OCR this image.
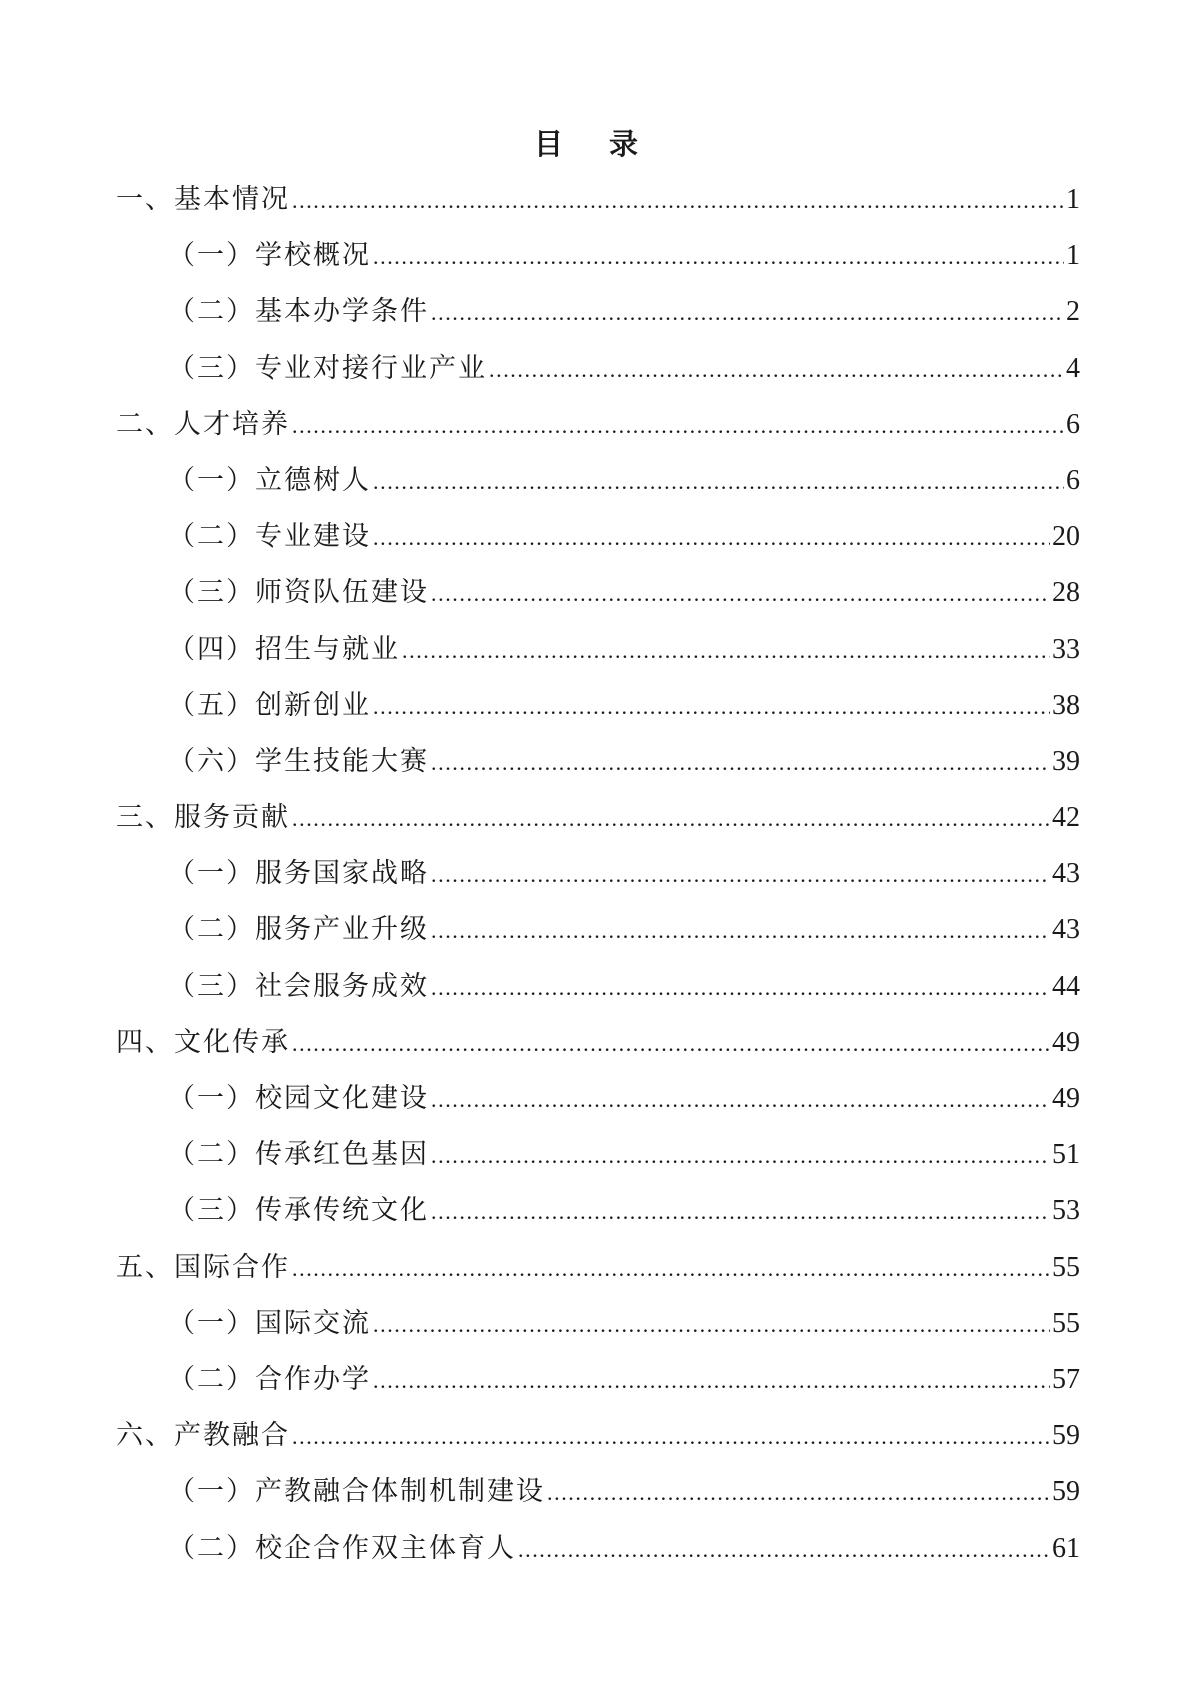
目 录
一、基本情况 .....	1
（一）学校概况 .....	1
（二）基本办学条件 .....	2
（三）专业对接行业产业 .....	4
二、人才培养 .....	6
（一）立德树人 .....	6
（二）专业建设 .....	20
（三）师资队伍建设 .....	28
（四）招生与就业 .....	33
（五）创新创业 .....	38
（六）学生技能大赛 .....	39
三、服务贡献 .....	42
（一）服务国家战略 .....	43
（二）服务产业升级 .....	43
（三）社会服务成效 .....	44
四、文化传承 .....	49
（一）校园文化建设 .....	49
（二）传承红色基因 .....	51
（三）传承传统文化 .....	53
五、国际合作 .....	55
（一）国际交流 .....	55
（二）合作办学 .....	57
六、产教融合 .....	59
（一）产教融合体制机制建设 .....	59
（二）校企合作双主体育人 .....	61
